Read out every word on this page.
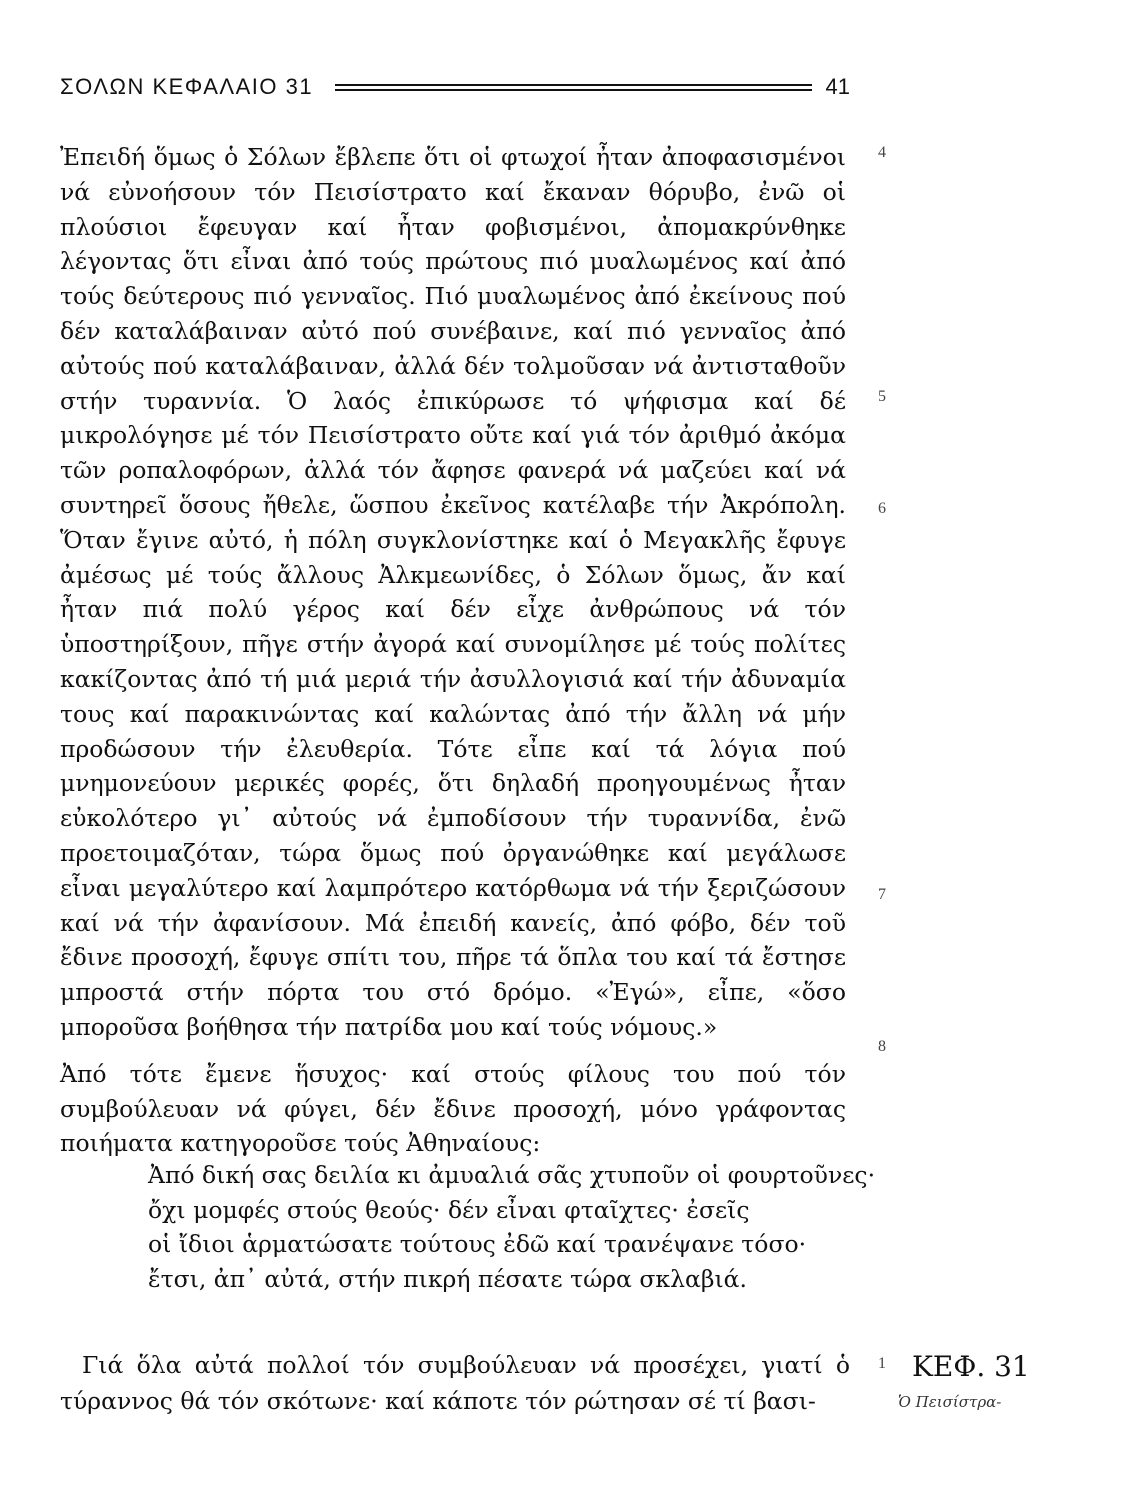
ΣΟΛΩΝ ΚΕΦΑΛΑΙΟ 31	41

Ἐπειδή ὅμως ὁ Σόλων ἔβλεπε ὅτι οἱ φτωχοί ἦταν ἀποφασισμένοι νά εὐνοήσουν τόν Πεισίστρατο καί ἔκαναν θόρυβο, ἐνῶ οἱ πλούσιοι ἔφευγαν καί ἦταν φοβισμένοι, ἀπομακρύνθηκε λέγοντας ὅτι εἶναι ἀπό τούς πρώτους πιό μυαλωμένος καί ἀπό τούς δεύτερους πιό γενναῖος. Πιό μυαλωμένος ἀπό ἐκείνους πού δέν καταλάβαιναν αὐτό πού συνέβαινε, καί πιό γενναῖος ἀπό αὐτούς πού καταλάβαιναν, ἀλλά δέν τολμοῦσαν νά ἀντισταθοῦν στήν τυραννία. Ὁ λαός ἐπικύρωσε τό ψήφισμα καί δέ μικρολόγησε μέ τόν Πεισίστρατο οὔτε καί γιά τόν ἀριθμό ἀκόμα τῶν ροπαλοφόρων, ἀλλά τόν ἄφησε φανερά νά μαζεύει καί νά συντηρεῖ ὅσους ἤθελε, ὥσπου ἐκεῖνος κατέλαβε τήν Ἀκρόπολη. Ὅταν ἔγινε αὐτό, ἡ πόλη συγκλονίστηκε καί ὁ Μεγακλῆς ἔφυγε ἀμέσως μέ τούς ἄλλους Ἀλκμεωνίδες, ὁ Σόλων ὅμως, ἄν καί ἦταν πιά πολύ γέρος καί δέν εἶχε ἀνθρώπους νά τόν ὑποστηρίξουν, πῆγε στήν ἀγορά καί συνομίλησε μέ τούς πολίτες κακίζοντας ἀπό τή μιά μεριά τήν ἀσυλλογισιά καί τήν ἀδυναμία τους καί παρακινώντας καί καλώντας ἀπό τήν ἄλλη νά μήν προδώσουν τήν ἐλευθερία. Τότε εἶπε καί τά λόγια πού μνημονεύουν μερικές φορές, ὅτι δηλαδή προηγουμένως ἦταν εὐκολότερο γι᾿ αὐτούς νά ἐμποδίσουν τήν τυραννίδα, ἐνῶ προετοιμαζόταν, τώρα ὅμως πού ὀργανώθηκε καί μεγάλωσε εἶναι μεγαλύτερο καί λαμπρότερο κατόρθωμα νά τήν ξεριζώσουν καί νά τήν ἀφανίσουν. Μά ἐπειδή κανείς, ἀπό φόβο, δέν τοῦ ἔδινε προσοχή, ἔφυγε σπίτι του, πῆρε τά ὅπλα του καί τά ἔστησε μπροστά στήν πόρτα του στό δρόμο. «Ἐγώ», εἶπε, «ὅσο μποροῦσα βοήθησα τήν πατρίδα μου καί τούς νόμους.»

Ἀπό τότε ἔμενε ἥσυχος· καί στούς φίλους του πού τόν συμβούλευαν νά φύγει, δέν ἔδινε προσοχή, μόνο γράφοντας ποιήματα κατηγοροῦσε τούς Ἀθηναίους:

4
5
6
7
8
1
Ἀπό δική σας δειλία κι ἀμυαλιά σᾶς χτυποῦν οἱ φουρτοῦνες·
ὄχι μομφές στούς θεούς· δέν εἶναι φταῖχτες· ἐσεῖς
οἱ ἴδιοι ἁρματώσατε τούτους ἐδῶ καί τρανέψανε τόσο·
ἔτσι, ἀπ᾿ αὐτά, στήν πικρή πέσατε τώρα σκλαβιά.

Γιά ὅλα αὐτά πολλοί τόν συμβούλευαν νά προσέχει, γιατί ὁ τύραννος θά τόν σκότωνε· καί κάποτε τόν ρώτησαν σέ τί βασι-

ΚΕΦ. 31
Ὁ Πεισίστρα-
